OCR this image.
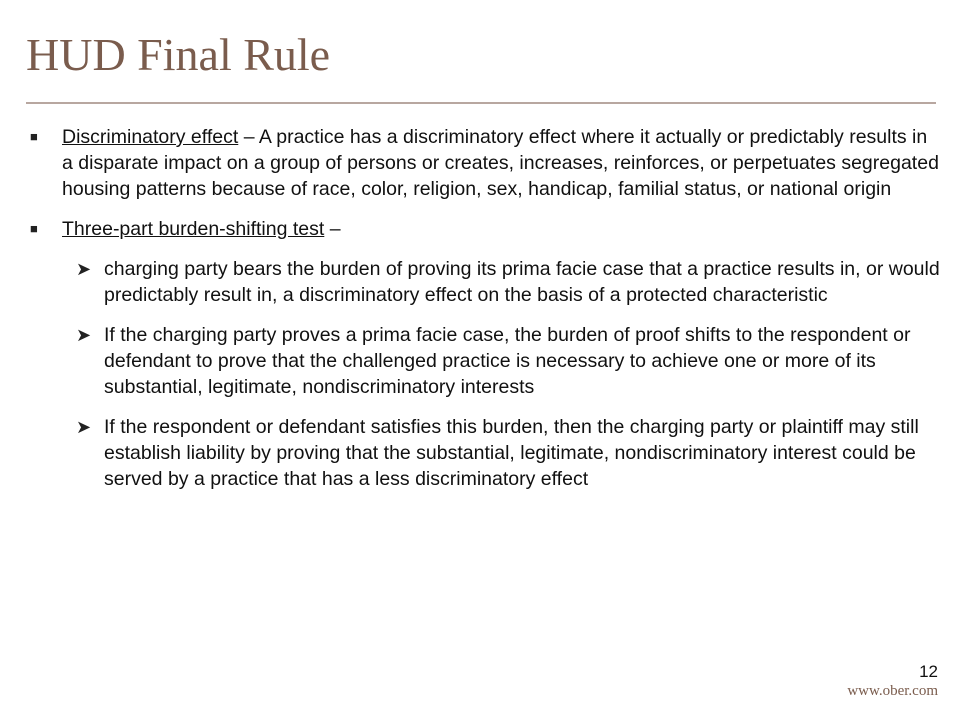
HUD Final Rule
■	Discriminatory effect – A practice has a discriminatory effect where it actually or predictably results in a disparate impact on a group of persons or creates, increases, reinforces, or perpetuates segregated housing patterns because of race, color, religion, sex, handicap, familial status, or national origin
■	Three-part burden-shifting test –
➤ charging party bears the burden of proving its prima facie case that a practice results in, or would predictably result in, a discriminatory effect on the basis of a protected characteristic
➤ If the charging party proves a prima facie case, the burden of proof shifts to the respondent or defendant to prove that the challenged practice is necessary to achieve one or more of its substantial, legitimate, nondiscriminatory interests
➤ If the respondent or defendant satisfies this burden, then the charging party or plaintiff may still establish liability by proving that the substantial, legitimate, nondiscriminatory interest could be served by a practice that has a less discriminatory effect
12
www.ober.com
